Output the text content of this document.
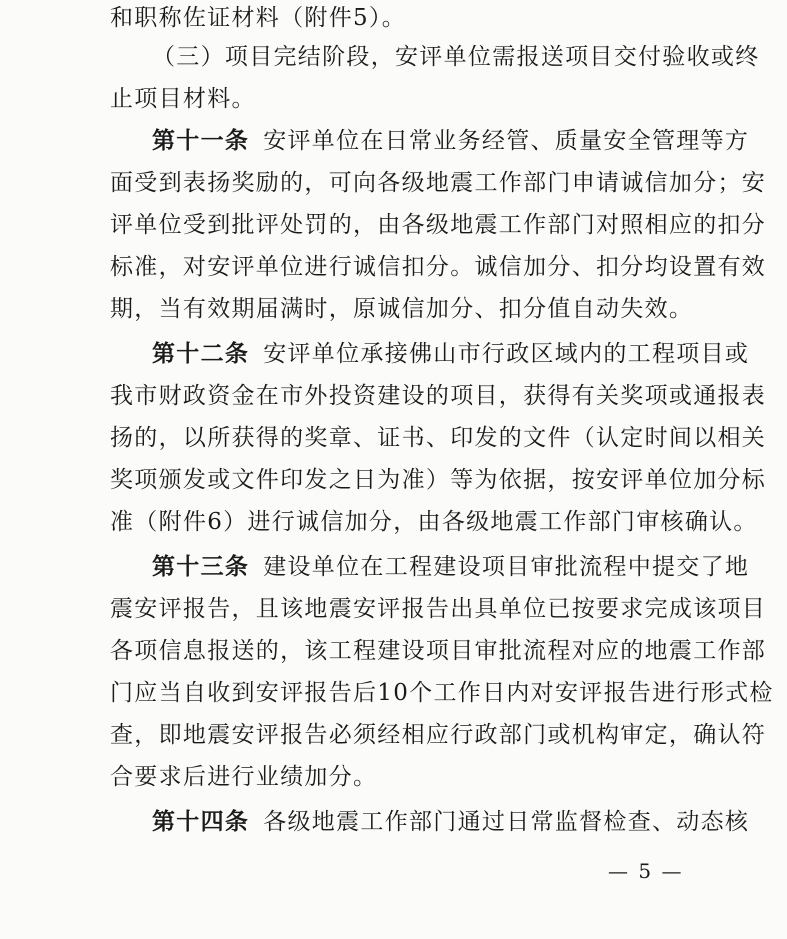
和职称佐证材料（附件5）。
（三）项目完结阶段，安评单位需报送项目交付验收或终
止项目材料。
第十一条 安评单位在日常业务经管、质量安全管理等方
面受到表扬奖励的，可向各级地震工作部门申请诚信加分；安
评单位受到批评处罚的，由各级地震工作部门对照相应的扣分
标准，对安评单位进行诚信扣分。诚信加分、扣分均设置有效
期，当有效期届满时，原诚信加分、扣分值自动失效。
第十二条 安评单位承接佛山市行政区域内的工程项目或
我市财政资金在市外投资建设的项目，获得有关奖项或通报表
扬的，以所获得的奖章、证书、印发的文件（认定时间以相关
奖项颁发或文件印发之日为准）等为依据，按安评单位加分标
准（附件6）进行诚信加分，由各级地震工作部门审核确认。
第十三条 建设单位在工程建设项目审批流程中提交了地
震安评报告，且该地震安评报告出具单位已按要求完成该项目
各项信息报送的，该工程建设项目审批流程对应的地震工作部
门应当自收到安评报告后10个工作日内对安评报告进行形式检
查，即地震安评报告必须经相应行政部门或机构审定，确认符
合要求后进行业绩加分。
第十四条 各级地震工作部门通过日常监督检查、动态核
— 5 —
